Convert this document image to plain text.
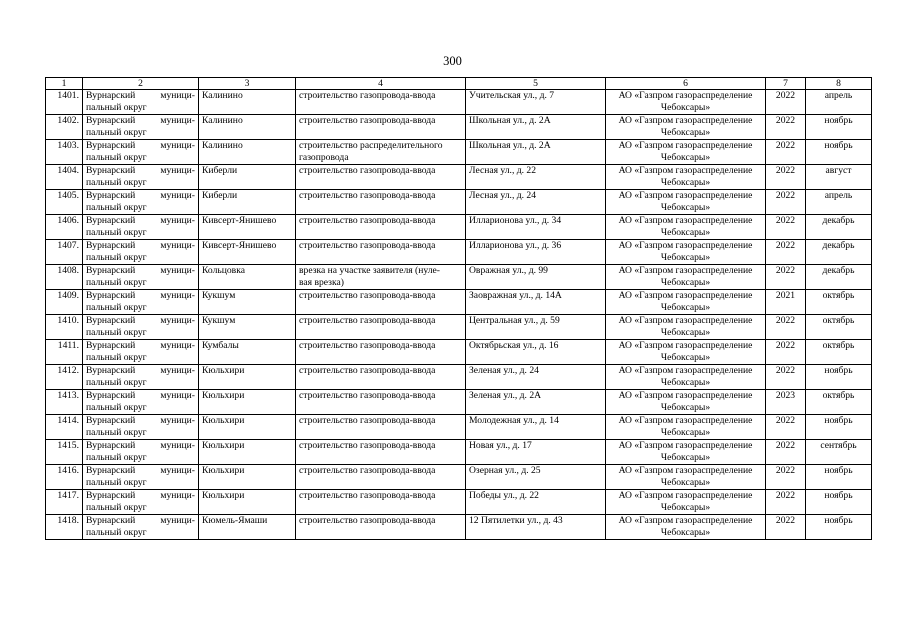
300
1	2	3	4	5	6	7	8
1401.	Вурнарский муници-
пальный округ	Калинино	строительство газопровода-ввода	Учительская ул., д. 7	АО «Газпром газораспределение
Чебоксары»	2022	апрель
1402.	Вурнарский муници-
пальный округ	Калинино	строительство газопровода-ввода	Школьная ул., д. 2А	АО «Газпром газораспределение
Чебоксары»	2022	ноябрь
1403.	Вурнарский муници-
пальный округ	Калинино	строительство распределительного
газопровода	Школьная ул., д. 2А	АО «Газпром газораспределение
Чебоксары»	2022	ноябрь
1404.	Вурнарский муници-
пальный округ	Киберли	строительство газопровода-ввода	Лесная ул., д. 22	АО «Газпром газораспределение
Чебоксары»	2022	август
1405.	Вурнарский муници-
пальный округ	Киберли	строительство газопровода-ввода	Лесная ул., д. 24	АО «Газпром газораспределение
Чебоксары»	2022	апрель
1406.	Вурнарский муници-
пальный округ	Кивсерт-Янишево	строительство газопровода-ввода	Илларионова ул., д. 34	АО «Газпром газораспределение
Чебоксары»	2022	декабрь
1407.	Вурнарский муници-
пальный округ	Кивсерт-Янишево	строительство газопровода-ввода	Илларионова ул., д. 36	АО «Газпром газораспределение
Чебоксары»	2022	декабрь
1408.	Вурнарский муници-
пальный округ	Кольцовка	врезка на участке заявителя (нуле-
вая врезка)	Овражная ул., д. 99	АО «Газпром газораспределение
Чебоксары»	2022	декабрь
1409.	Вурнарский муници-
пальный округ	Кукшум	строительство газопровода-ввода	Заовражная ул., д. 14А	АО «Газпром газораспределение
Чебоксары»	2021	октябрь
1410.	Вурнарский муници-
пальный округ	Кукшум	строительство газопровода-ввода	Центральная ул., д. 59	АО «Газпром газораспределение
Чебоксары»	2022	октябрь
1411.	Вурнарский муници-
пальный округ	Кумбалы	строительство газопровода-ввода	Октябрьская ул., д. 16	АО «Газпром газораспределение
Чебоксары»	2022	октябрь
1412.	Вурнарский муници-
пальный округ	Кюльхири	строительство газопровода-ввода	Зеленая ул., д. 24	АО «Газпром газораспределение
Чебоксары»	2022	ноябрь
1413.	Вурнарский муници-
пальный округ	Кюльхири	строительство газопровода-ввода	Зеленая ул., д. 2А	АО «Газпром газораспределение
Чебоксары»	2023	октябрь
1414.	Вурнарский муници-
пальный округ	Кюльхири	строительство газопровода-ввода	Молодежная ул., д. 14	АО «Газпром газораспределение
Чебоксары»	2022	ноябрь
1415.	Вурнарский муници-
пальный округ	Кюльхири	строительство газопровода-ввода	Новая ул., д. 17	АО «Газпром газораспределение
Чебоксары»	2022	сентябрь
1416.	Вурнарский муници-
пальный округ	Кюльхири	строительство газопровода-ввода	Озерная ул., д. 25	АО «Газпром газораспределение
Чебоксары»	2022	ноябрь
1417.	Вурнарский муници-
пальный округ	Кюльхири	строительство газопровода-ввода	Победы ул., д. 22	АО «Газпром газораспределение
Чебоксары»	2022	ноябрь
1418.	Вурнарский муници-
пальный округ	Кюмель-Ямаши	строительство газопровода-ввода	12 Пятилетки ул., д. 43	АО «Газпром газораспределение
Чебоксары»	2022	ноябрь
